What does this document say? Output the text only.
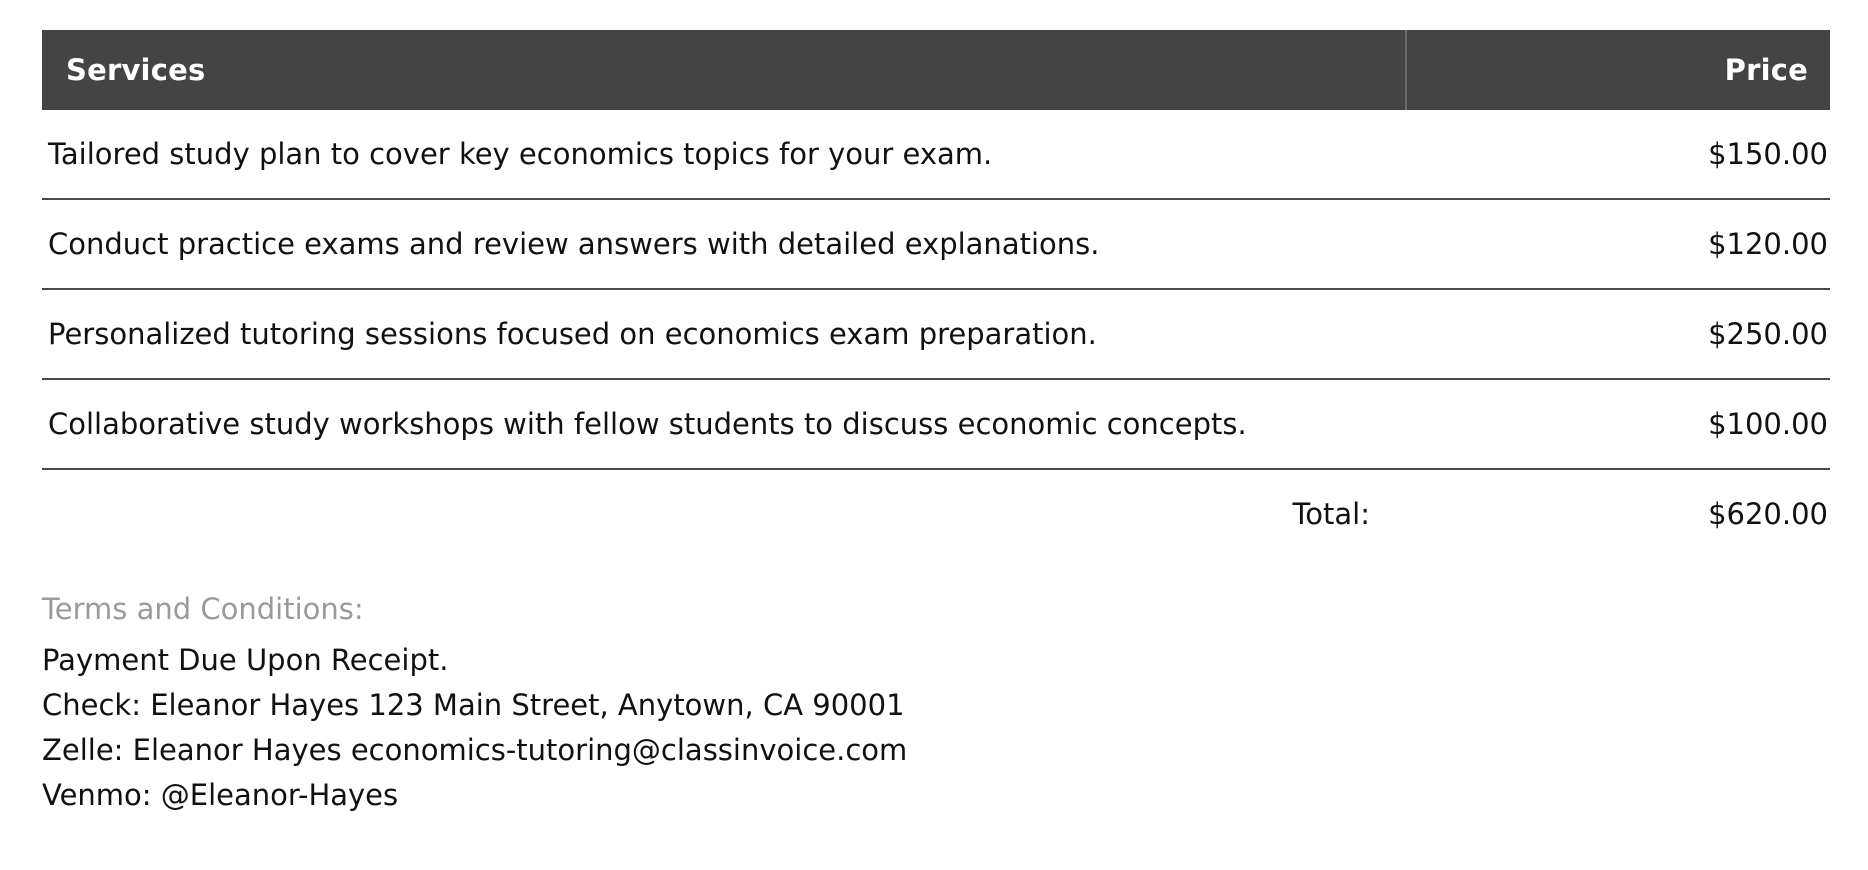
Services	Price
Tailored study plan to cover key economics topics for your exam.	$150.00
Conduct practice exams and review answers with detailed explanations.	$120.00
Personalized tutoring sessions focused on economics exam preparation.	$250.00
Collaborative study workshops with fellow students to discuss economic concepts.	$100.00
Total:	$620.00
Terms and Conditions:
Payment Due Upon Receipt.
Check: Eleanor Hayes 123 Main Street, Anytown, CA 90001
Zelle: Eleanor Hayes economics-tutoring@classinvoice.com
Venmo: @Eleanor-Hayes
